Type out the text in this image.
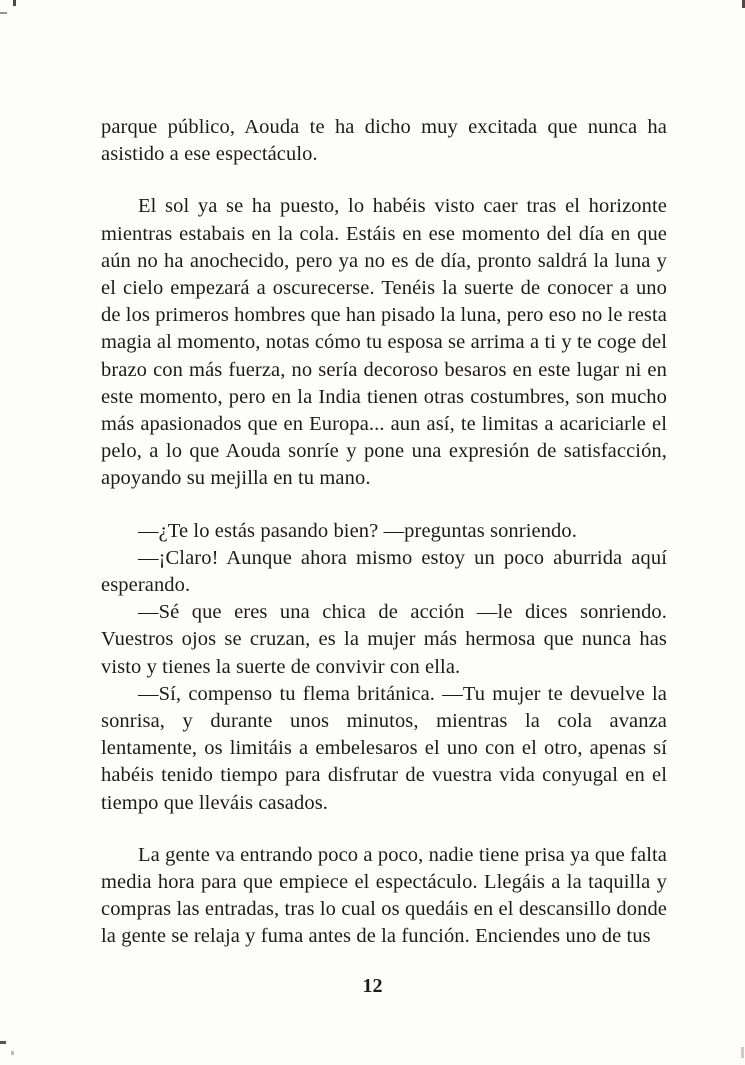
parque público, Aouda te ha dicho muy excitada que nunca ha asistido a ese espectáculo.

El sol ya se ha puesto, lo habéis visto caer tras el horizonte mientras estabais en la cola. Estáis en ese momento del día en que aún no ha anochecido, pero ya no es de día, pronto saldrá la luna y el cielo empezará a oscurecerse. Tenéis la suerte de conocer a uno de los primeros hombres que han pisado la luna, pero eso no le resta magia al momento, notas cómo tu esposa se arrima a ti y te coge del brazo con más fuerza, no sería decoroso besaros en este lugar ni en este momento, pero en la India tienen otras costumbres, son mucho más apasionados que en Europa... aun así, te limitas a acariciarle el pelo, a lo que Aouda sonríe y pone una expresión de satisfacción, apoyando su mejilla en tu mano.

—¿Te lo estás pasando bien? —preguntas sonriendo.

—¡Claro! Aunque ahora mismo estoy un poco aburrida aquí esperando.

—Sé que eres una chica de acción —le dices sonriendo. Vuestros ojos se cruzan, es la mujer más hermosa que nunca has visto y tienes la suerte de convivir con ella.

—Sí, compenso tu flema británica. —Tu mujer te devuelve la sonrisa, y durante unos minutos, mientras la cola avanza lentamente, os limitáis a embelesaros el uno con el otro, apenas sí habéis tenido tiempo para disfrutar de vuestra vida conyugal en el tiempo que lleváis casados.

La gente va entrando poco a poco, nadie tiene prisa ya que falta media hora para que empiece el espectáculo. Llegáis a la taquilla y compras las entradas, tras lo cual os quedáis en el descansillo donde la gente se relaja y fuma antes de la función. Enciendes uno de tus

12
